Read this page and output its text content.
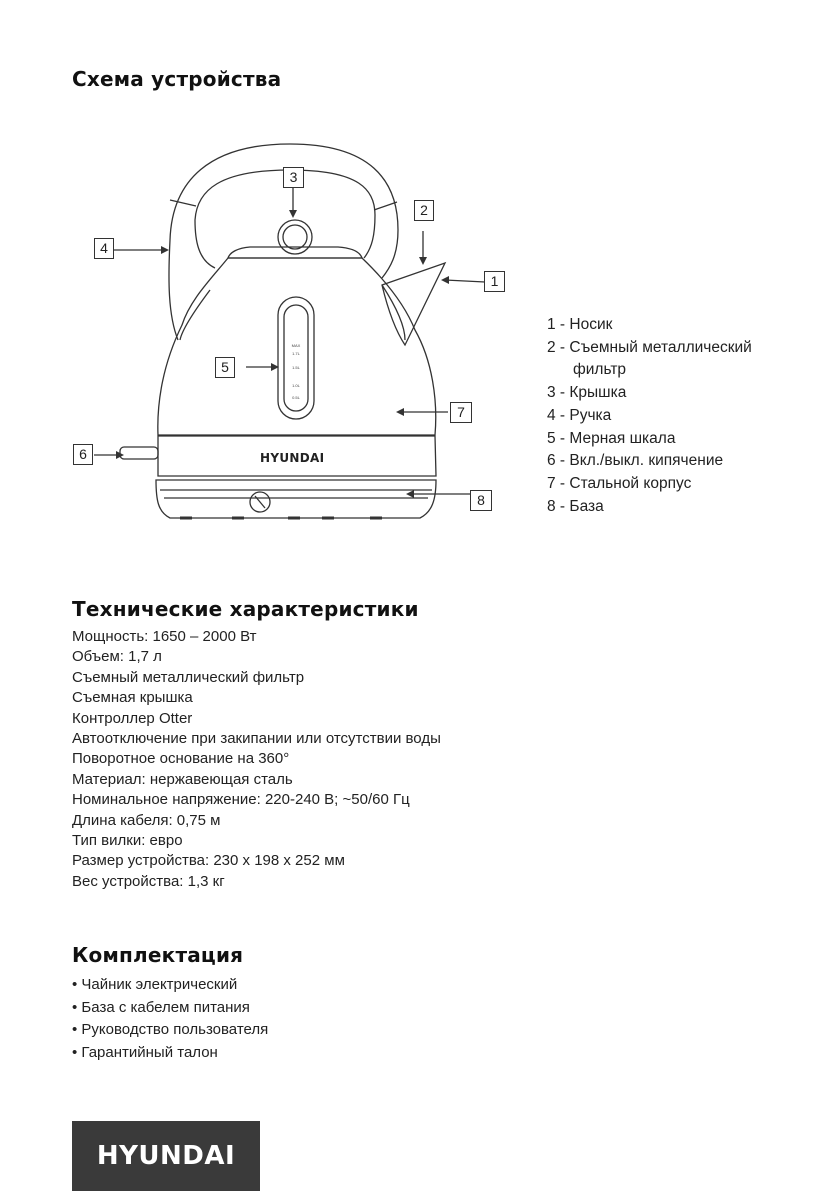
Схема устройства
HYUNDAI
MAX
1.7L
1.5L
1.0L
0.5L
1
2
3
4
5
7
6
8
1 - Носик
2 - Съемный металлический фильтр
3 - Крышка
4 - Ручка
5 - Мерная шкала
6 - Вкл./выкл. кипячение
7 - Стальной корпус
8 - База
Технические характеристики
Мощность: 1650 – 2000 Вт
Объем: 1,7 л
Съемный металлический фильтр
Съемная крышка
Контроллер Otter
Автоотключение при закипании или отсутствии воды
Поворотное основание на 360°
Материал: нержавеющая сталь
Номинальное напряжение: 220-240 В; ~50/60 Гц
Длина кабеля: 0,75 м
Тип вилки: евро
Размер устройства: 230 x 198 x 252 мм
Вес устройства: 1,3 кг
Комплектация
• Чайник электрический
• База с кабелем питания
• Руководство пользователя
• Гарантийный талон
HYUNDAI
